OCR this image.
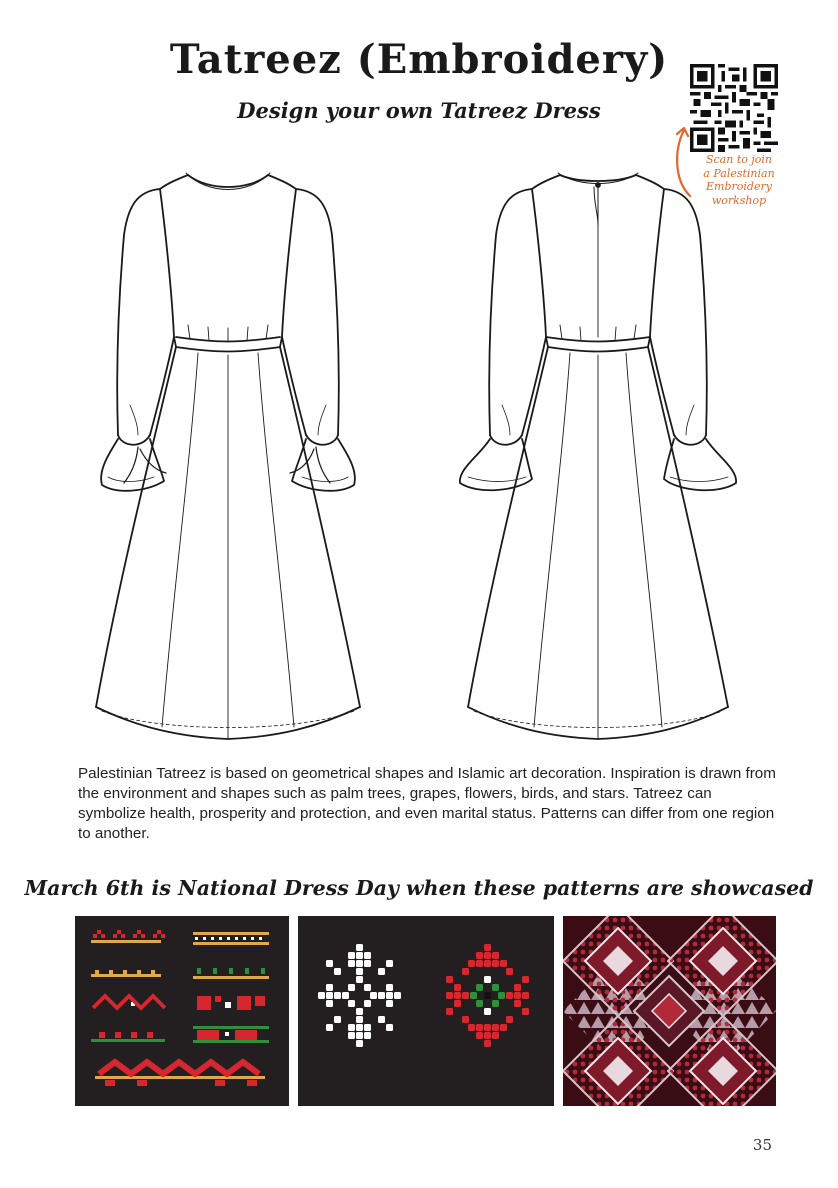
Tatreez (Embroidery)
Design your own Tatreez Dress
Scan to join
a Palestinian
Embroidery
workshop
Palestinian Tatreez is based on geometrical shapes and Islamic art decoration. Inspiration is drawn from the environment and shapes such as palm trees, grapes, flowers, birds, and stars. Tatreez can symbolize health, prosperity and protection, and even marital status. Patterns can differ from one region to another.
March 6th is National Dress Day when these patterns are showcased
35
